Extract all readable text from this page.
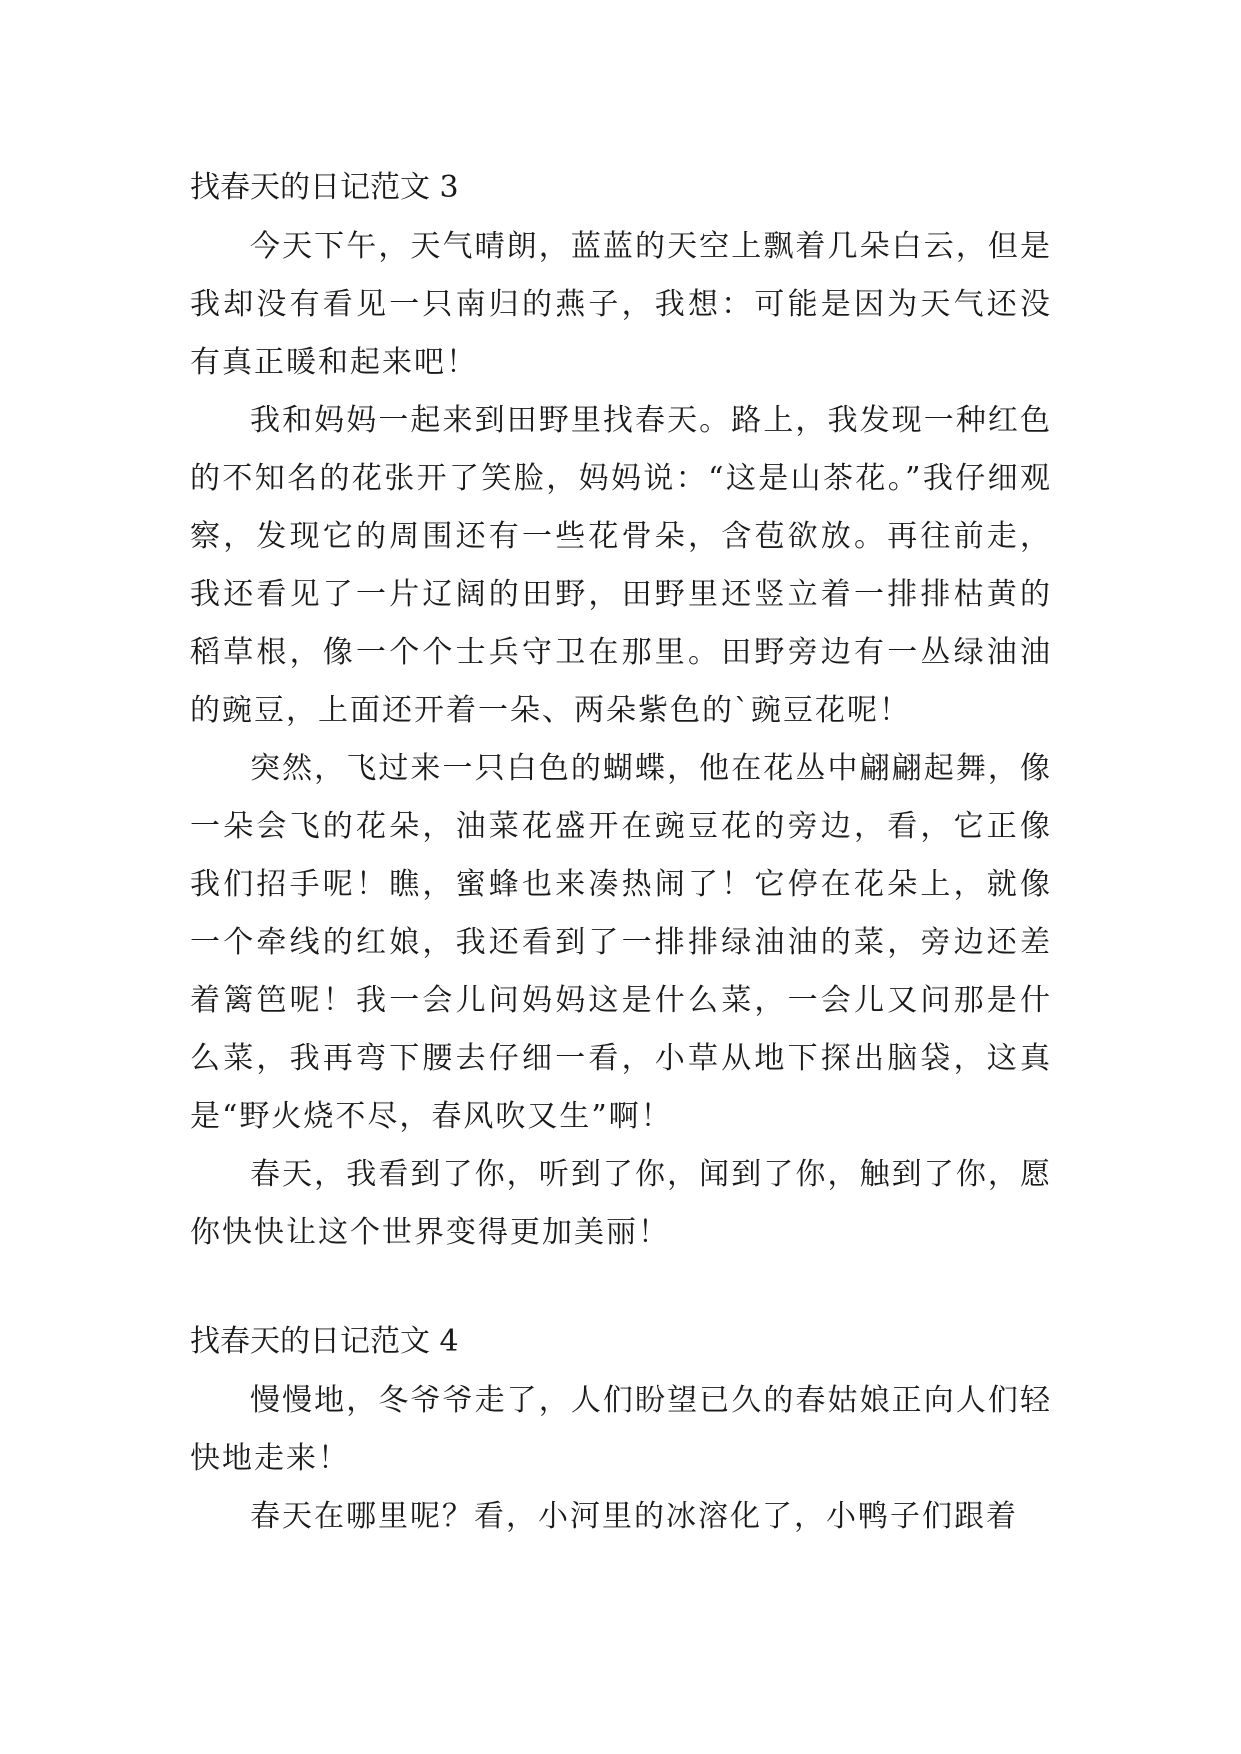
找春天的日记范文 3

今天下午，天气晴朗，蓝蓝的天空上飘着几朵白云，但是我却没有看见一只南归的燕子，我想：可能是因为天气还没有真正暖和起来吧！

我和妈妈一起来到田野里找春天。路上，我发现一种红色的不知名的花张开了笑脸，妈妈说：“这是山茶花。”我仔细观察，发现它的周围还有一些花骨朵，含苞欲放。再往前走，我还看见了一片辽阔的田野，田野里还竖立着一排排枯黄的稻草根，像一个个士兵守卫在那里。田野旁边有一丛绿油油的豌豆，上面还开着一朵、两朵紫色的`豌豆花呢！

突然，飞过来一只白色的蝴蝶，他在花丛中翩翩起舞，像一朵会飞的花朵，油菜花盛开在豌豆花的旁边，看，它正像我们招手呢！瞧，蜜蜂也来凑热闹了！它停在花朵上，就像一个牵线的红娘，我还看到了一排排绿油油的菜，旁边还差着篱笆呢！我一会儿问妈妈这是什么菜，一会儿又问那是什么菜，我再弯下腰去仔细一看，小草从地下探出脑袋，这真是“野火烧不尽，春风吹又生”啊！

春天，我看到了你，听到了你，闻到了你，触到了你，愿你快快让这个世界变得更加美丽！

找春天的日记范文 4

慢慢地，冬爷爷走了，人们盼望已久的春姑娘正向人们轻快地走来！

春天在哪里呢？看，小河里的冰溶化了，小鸭子们跟着
